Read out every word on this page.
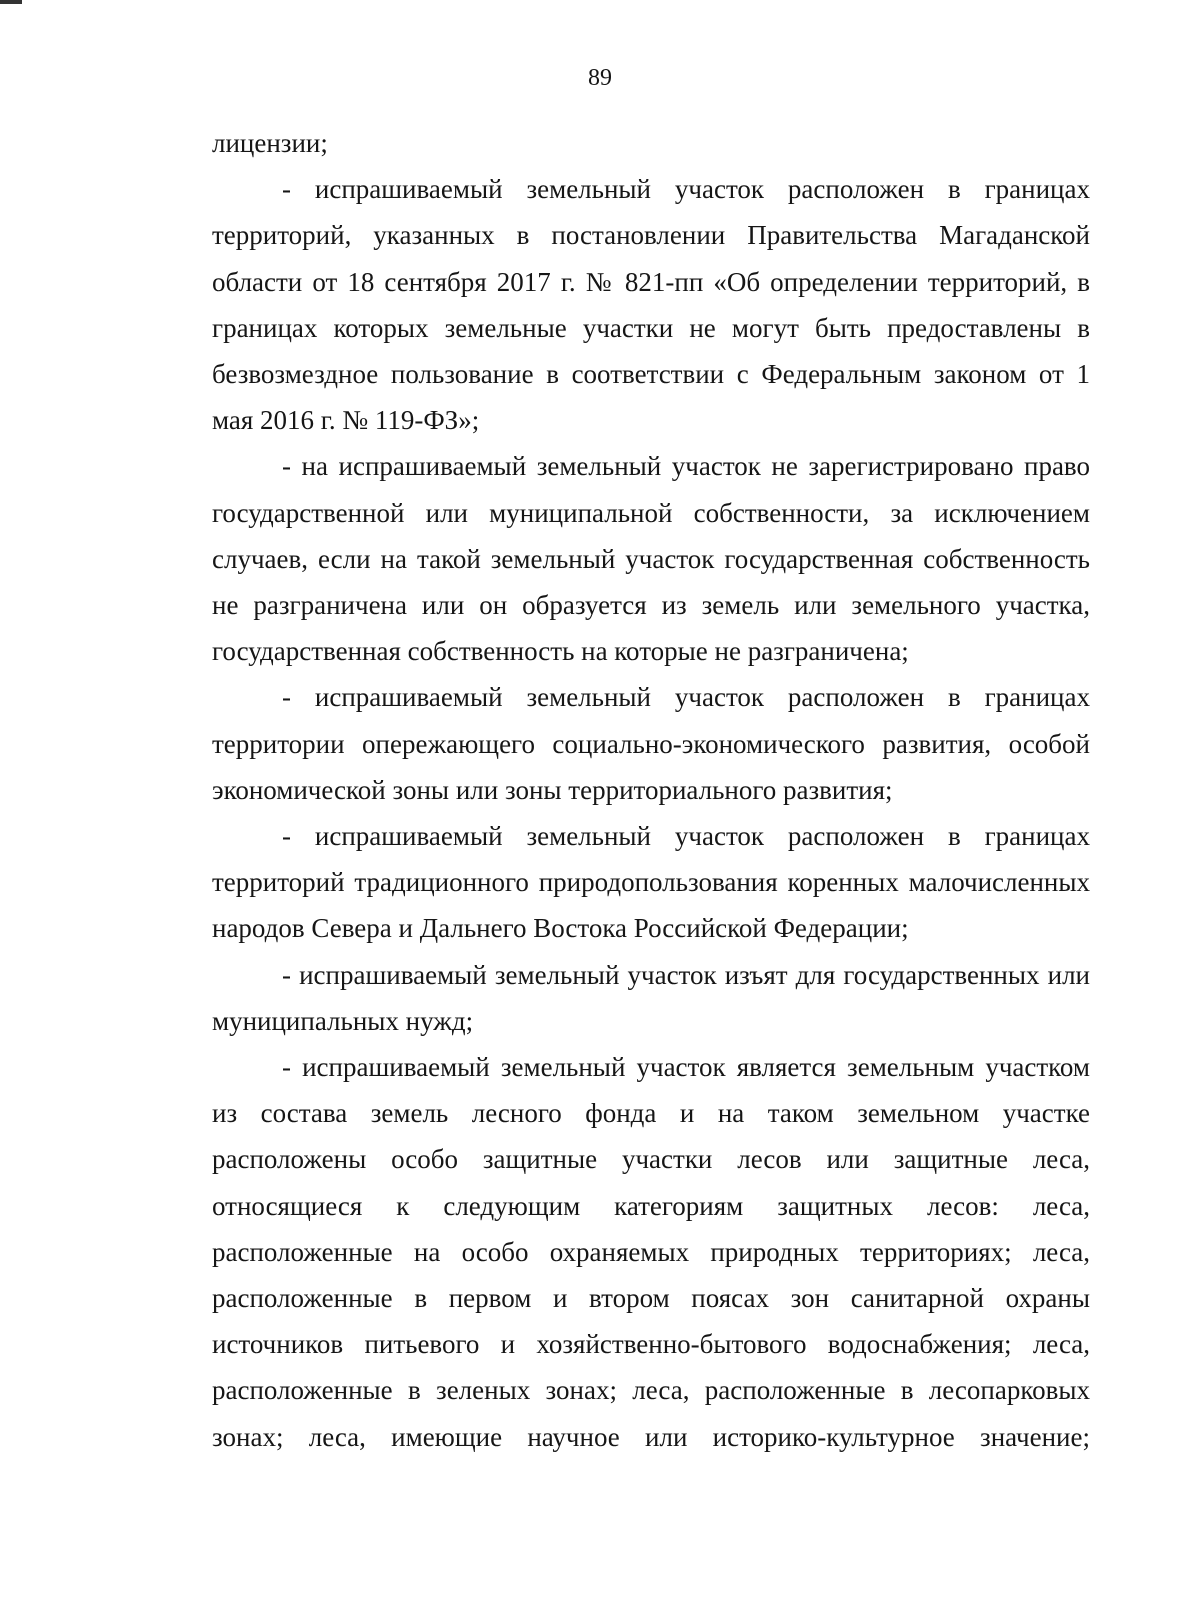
89

лицензии;

- испрашиваемый земельный участок расположен в границах территорий, указанных в постановлении Правительства Магаданской области от 18 сентября 2017 г. № 821-пп «Об определении территорий, в границах которых земельные участки не могут быть предоставлены в безвозмездное пользование в соответствии с Федеральным законом от 1 мая 2016 г. № 119-ФЗ»;

- на испрашиваемый земельный участок не зарегистрировано право государственной или муниципальной собственности, за исключением случаев, если на такой земельный участок государственная собственность не разграничена или он образуется из земель или земельного участка, государственная собственность на которые не разграничена;

- испрашиваемый земельный участок расположен в границах территории опережающего социально-экономического развития, особой экономической зоны или зоны территориального развития;

- испрашиваемый земельный участок расположен в границах территорий традиционного природопользования коренных малочисленных народов Севера и Дальнего Востока Российской Федерации;

- испрашиваемый земельный участок изъят для государственных или муниципальных нужд;

- испрашиваемый земельный участок является земельным участком из состава земель лесного фонда и на таком земельном участке расположены особо защитные участки лесов или защитные леса, относящиеся к следующим категориям защитных лесов: леса, расположенные на особо охраняемых природных территориях; леса, расположенные в первом и втором поясах зон санитарной охраны источников питьевого и хозяйственно-бытового водоснабжения; леса, расположенные в зеленых зонах; леса, расположенные в лесопарковых зонах; леса, имеющие научное или историко-культурное значение;
